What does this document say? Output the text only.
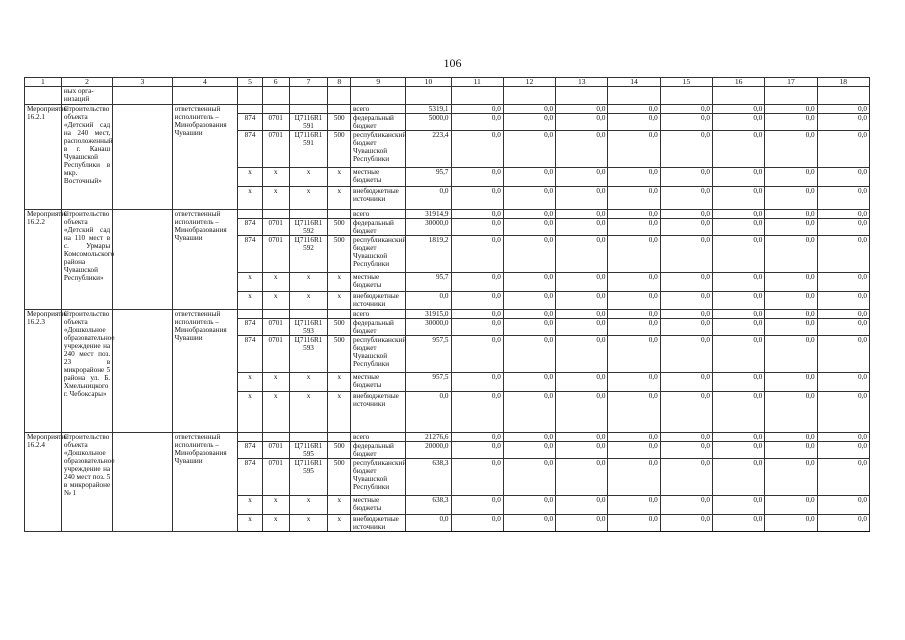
106
1	2	3	4	5	6	7	8	9	10	11	12	13	14	15	16	17	18
	ных орга-низаций																
Мероприятие 16.2.1	Строительство объекта «Детский сад на 240 мест, расположенный в г. Канаш Чувашской Республики в мкр. Восточный»		ответственный исполнитель – Минобразования Чувашии					всего	5319,1	0,0	0,0	0,0	0,0	0,0	0,0	0,0	0,0
				874	0701	Ц7116R1 591	500	федеральный бюджет	5000,0	0,0	0,0	0,0	0,0	0,0	0,0	0,0	0,0
				874	0701	Ц7116R1 591	500	республиканский бюджет Чувашской Республики	223,4	0,0	0,0	0,0	0,0	0,0	0,0	0,0	0,0
				x	x	x	x	местные бюджеты	95,7	0,0	0,0	0,0	0,0	0,0	0,0	0,0	0,0
				x	x	x	x	внебюджетные источники	0,0	0,0	0,0	0,0	0,0	0,0	0,0	0,0	0,0
Мероприятие 16.2.2	Строительство объекта «Детский сад на 110 мест в с. Урмары Комсомольского района Чувашской Республики»		ответственный исполнитель – Минобразования Чувашии					всего	31914,9	0,0	0,0	0,0	0,0	0,0	0,0	0,0	0,0
				874	0701	Ц7116R1 592	500	федеральный бюджет	30000,0	0,0	0,0	0,0	0,0	0,0	0,0	0,0	0,0
				874	0701	Ц7116R1 592	500	республиканский бюджет Чувашской Республики	1819,2	0,0	0,0	0,0	0,0	0,0	0,0	0,0	0,0
				x	x	x	x	местные бюджеты	95,7	0,0	0,0	0,0	0,0	0,0	0,0	0,0	0,0
				x	x	x	x	внебюджетные источники	0,0	0,0	0,0	0,0	0,0	0,0	0,0	0,0	0,0
Мероприятие 16.2.3	Строительство объекта «Дошкольное образовательное учреждение на 240 мест поз. 23 в микрорайоне 5 района ул. Б. Хмельницкого г. Чебоксары»		ответственный исполнитель – Минобразования Чувашии					всего	31915,0	0,0	0,0	0,0	0,0	0,0	0,0	0,0	0,0
				874	0701	Ц7116R1 593	500	федеральный бюджет	30000,0	0,0	0,0	0,0	0,0	0,0	0,0	0,0	0,0
				874	0701	Ц7116R1 593	500	республиканский бюджет Чувашской Республики	957,5	0,0	0,0	0,0	0,0	0,0	0,0	0,0	0,0
				x	x	x	x	местные бюджеты	957,5	0,0	0,0	0,0	0,0	0,0	0,0	0,0	0,0
				x	x	x	x	внебюджетные источники	0,0	0,0	0,0	0,0	0,0	0,0	0,0	0,0	0,0
Мероприятие 16.2.4	Строительство объекта «Дошкольное образовательное учреждение на 240 мест поз. 5 в микрорайоне № 1		ответственный исполнитель – Минобразования Чувашии					всего	21276,6	0,0	0,0	0,0	0,0	0,0	0,0	0,0	0,0
				874	0701	Ц7116R1 595	500	федеральный бюджет	20000,0	0,0	0,0	0,0	0,0	0,0	0,0	0,0	0,0
				874	0701	Ц7116R1 595	500	республиканский бюджет Чувашской Республики	638,3	0,0	0,0	0,0	0,0	0,0	0,0	0,0	0,0
				x	x	x	x	местные бюджеты	638,3	0,0	0,0	0,0	0,0	0,0	0,0	0,0	0,0
				x	x	x	x	внебюджетные источники	0,0	0,0	0,0	0,0	0,0	0,0	0,0	0,0	0,0
